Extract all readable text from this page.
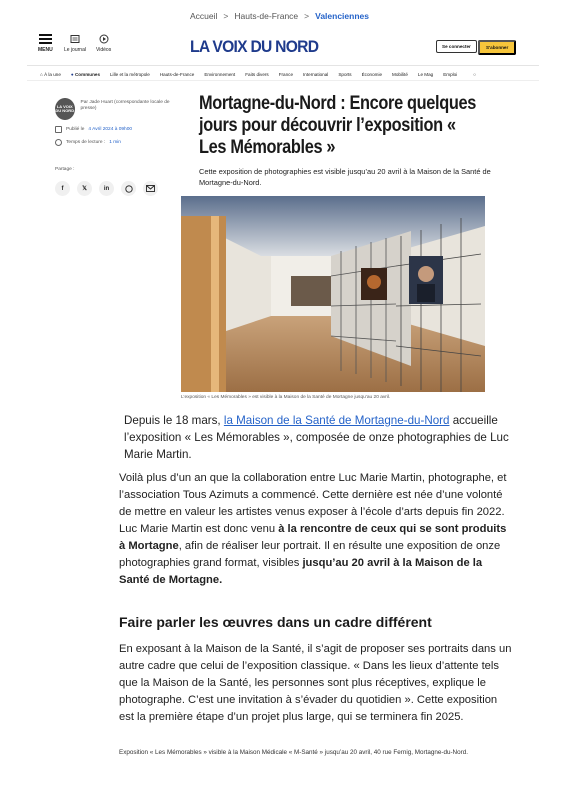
Accueil > Hauts-de-France > Valenciennes
MENU Le journal Vidéos	LA VOIX DU NORD	Se connecter	S'abonner
⌂ À la une ● Communes Lille et la métropole Hauts-de-France Environnement Faits divers France International Sports Économie Mobilité Le Mag Emploi	○
LA VOIX DU NORD
Par Jade Huart (correspondante locale de presse)
Publié le 4 Avril 2024 à 09h00
Temps de lecture : 1 min
Partage :
f	𝕏	in
Mortagne-du-Nord : Encore quelques jours pour découvrir l’exposition « Les Mémorables »

Cette exposition de photographies est visible jusqu’au 20 avril à la Maison de la Santé de Mortagne-du-Nord.

L’exposition « Les Mémorables » est visible à la Maison de la Santé de Mortagne jusqu’au 20 avril.

Depuis le 18 mars, la Maison de la Santé de Mortagne-du-Nord accueille l’exposition « Les Mémorables », composée de onze photographies de Luc Marie Martin.

Voilà plus d’un an que la collaboration entre Luc Marie Martin, photographe, et l’association Tous Azimuts a commencé. Cette dernière est née d’une volonté de mettre en valeur les artistes venus exposer à l’école d’arts depuis fin 2022. Luc Marie Martin est donc venu à la rencontre de ceux qui se sont produits à Mortagne, afin de réaliser leur portrait. Il en résulte une exposition de onze photographies grand format, visibles jusqu’au 20 avril à la Maison de la Santé de Mortagne.

Faire parler les œuvres dans un cadre différent

En exposant à la Maison de la Santé, il s’agit de proposer ses portraits dans un autre cadre que celui de l’exposition classique. « Dans les lieux d’attente tels que la Maison de la Santé, les personnes sont plus réceptives, explique le photographe. C’est une invitation à s’évader du quotidien ». Cette exposition est la première étape d’un projet plus large, qui se terminera fin 2025.

Exposition « Les Mémorables » visible à la Maison Médicale « M-Santé » jusqu’au 20 avril, 40 rue Fernig, Mortagne-du-Nord.
